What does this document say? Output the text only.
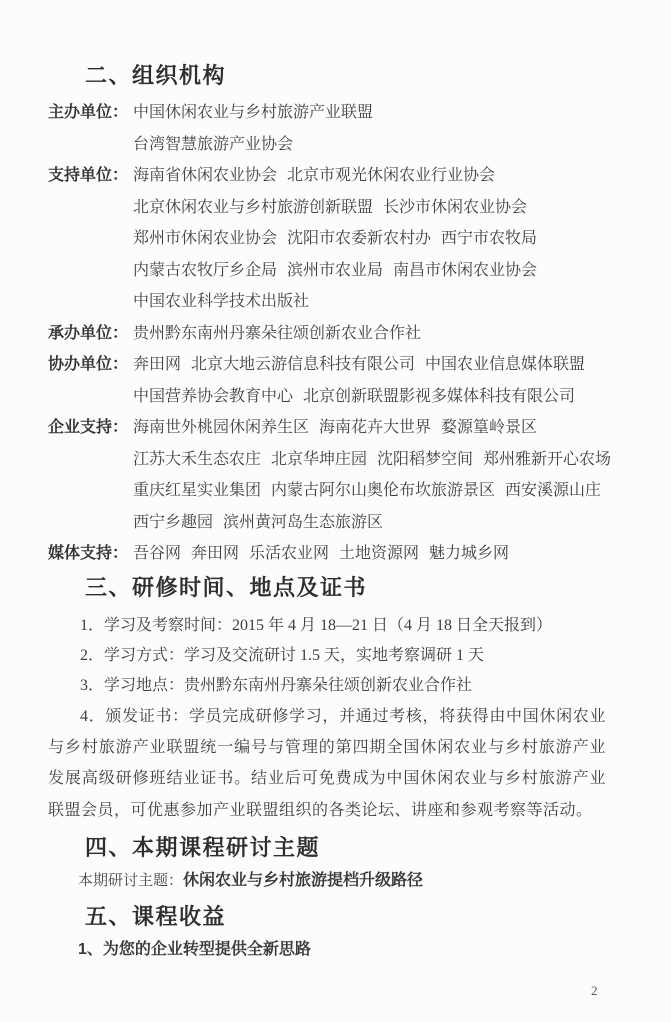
二、组织机构
主办单位： 中国休闲农业与乡村旅游产业联盟
台湾智慧旅游产业协会
支持单位： 海南省休闲农业协会 北京市观光休闲农业行业协会
北京休闲农业与乡村旅游创新联盟 长沙市休闲农业协会
郑州市休闲农业协会 沈阳市农委新农村办 西宁市农牧局
内蒙古农牧厅乡企局 滨州市农业局 南昌市休闲农业协会
中国农业科学技术出版社
承办单位： 贵州黔东南州丹寨朵往颂创新农业合作社
协办单位： 奔田网 北京大地云游信息科技有限公司 中国农业信息媒体联盟
中国营养协会教育中心 北京创新联盟影视多媒体科技有限公司
企业支持： 海南世外桃园休闲养生区 海南花卉大世界 婺源篁岭景区
江苏大禾生态农庄 北京华坤庄园 沈阳稻梦空间 郑州雅新开心农场
重庆红星实业集团 内蒙古阿尔山奥伦布坎旅游景区 西安溪源山庄
西宁乡趣园 滨州黄河岛生态旅游区
媒体支持： 吾谷网 奔田网 乐活农业网 土地资源网 魅力城乡网
三、研修时间、地点及证书
1．学习及考察时间：2015 年 4 月 18—21 日（4 月 18 日全天报到）
2．学习方式：学习及交流研讨 1.5 天，实地考察调研 1 天
3．学习地点：贵州黔东南州丹寨朵往颂创新农业合作社

4．颁发证书：学员完成研修学习，并通过考核，将获得由中国休闲农业与乡村旅游产业联盟统一编号与管理的第四期全国休闲农业与乡村旅游产业发展高级研修班结业证书。结业后可免费成为中国休闲农业与乡村旅游产业联盟会员，可优惠参加产业联盟组织的各类论坛、讲座和参观考察等活动。

四、本期课程研讨主题
本期研讨主题：休闲农业与乡村旅游提档升级路径
五、课程收益
1、为您的企业转型提供全新思路
2
